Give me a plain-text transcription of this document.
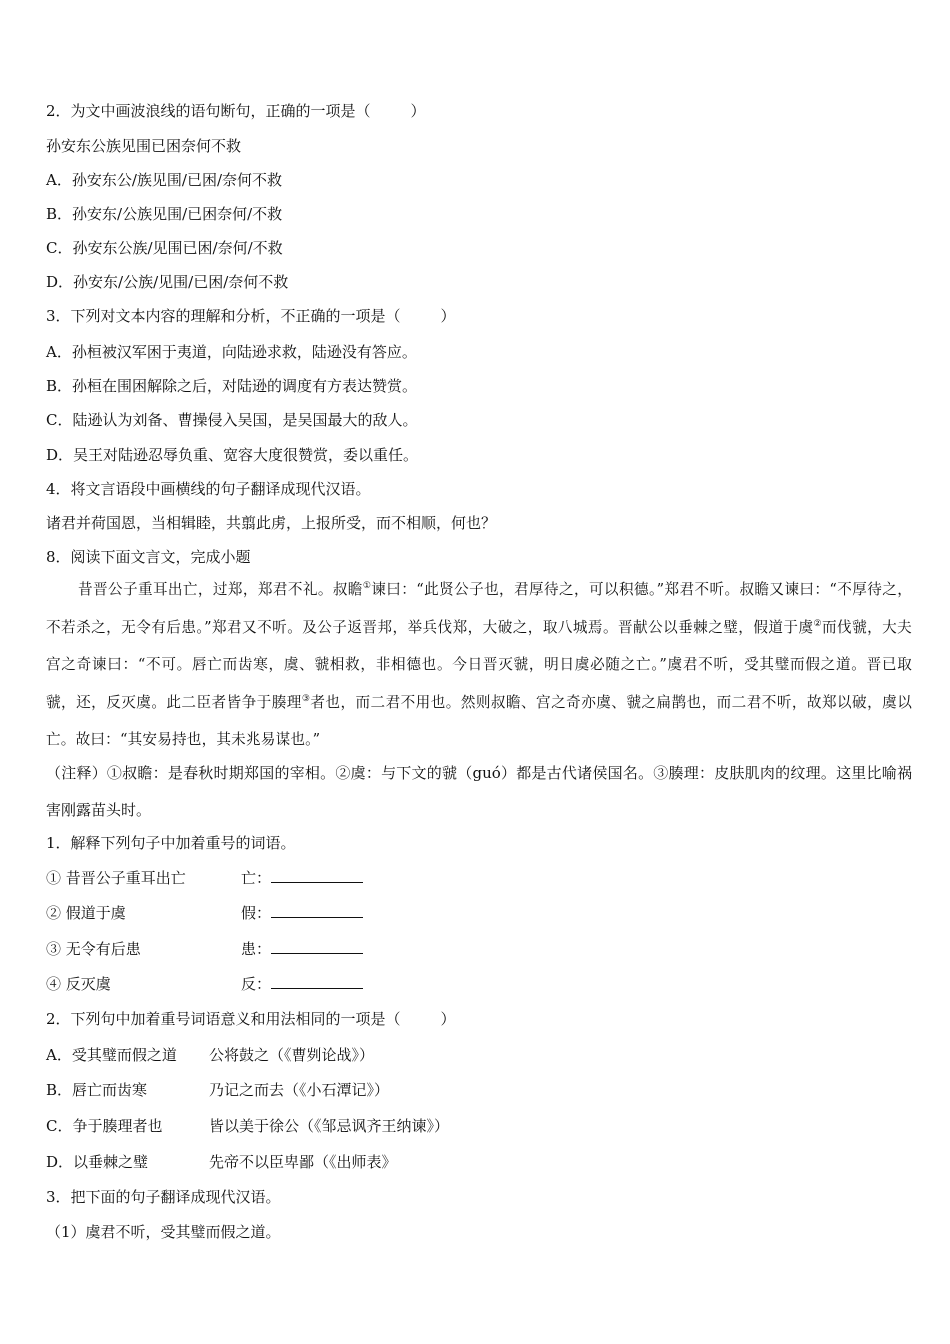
2．为文中画波浪线的语句断句，正确的一项是（	）
孙安东公族见围已困奈何不救
A．孙安东公/族见围/已困/奈何不救
B．孙安东/公族见围/已困奈何/不救
C．孙安东公族/见围已困/奈何/不救
D．孙安东/公族/见围/已困/奈何不救
3．下列对文本内容的理解和分析，不正确的一项是（	）
A．孙桓被汉军困于夷道，向陆逊求救，陆逊没有答应。
B．孙桓在围困解除之后，对陆逊的调度有方表达赞赏。
C．陆逊认为刘备、曹操侵入吴国，是吴国最大的敌人。
D．吴王对陆逊忍辱负重、宽容大度很赞赏，委以重任。
4．将文言语段中画横线的句子翻译成现代汉语。
诸君并荷国恩，当相辑睦，共翦此虏，上报所受，而不相顺，何也？
8．阅读下面文言文，完成小题
昔晋公子重耳出亡，过郑，郑君不礼。叔瞻①谏曰：“此贤公子也，君厚待之，可以积德。”郑君不听。叔瞻又谏曰：“不厚待之，不若杀之，无令有后患。”郑君又不听。及公子返晋邦，举兵伐郑，大破之，取八城焉。晋献公以垂棘之璧，假道于虞②而伐虢，大夫宫之奇谏曰：“不可。唇亡而齿寒，虞、虢相救，非相德也。今日晋灭虢，明日虞必随之亡。”虞君不听，受其璧而假之道。晋已取虢，还，反灭虞。此二臣者皆争于腠理③者也，而二君不用也。然则叔瞻、宫之奇亦虞、虢之扁鹊也，而二君不听，故郑以破，虞以亡。故曰：“其安易持也，其未兆易谋也。”
（注释）①叔瞻：是春秋时期郑国的宰相。②虞：与下文的虢（guó）都是古代诸侯国名。③腠理：皮肤肌肉的纹理。这里比喻祸害刚露苗头时。
1．解释下列句子中加着重号的词语。
① 昔晋公子重耳出亡	亡：
② 假道于虞	假：
③ 无令有后患	患：
④ 反灭虞	反：
2．下列句中加着重号词语意义和用法相同的一项是（	）
A．受其璧而假之道 公将鼓之（《曹刿论战》）
B．唇亡而齿寒	乃记之而去（《小石潭记》）
C．争于腠理者也	皆以美于徐公（《邹忌讽齐王纳谏》）
D．以垂棘之璧	先帝不以臣卑鄙（《出师表》
3．把下面的句子翻译成现代汉语。
（1）虞君不听，受其璧而假之道。
